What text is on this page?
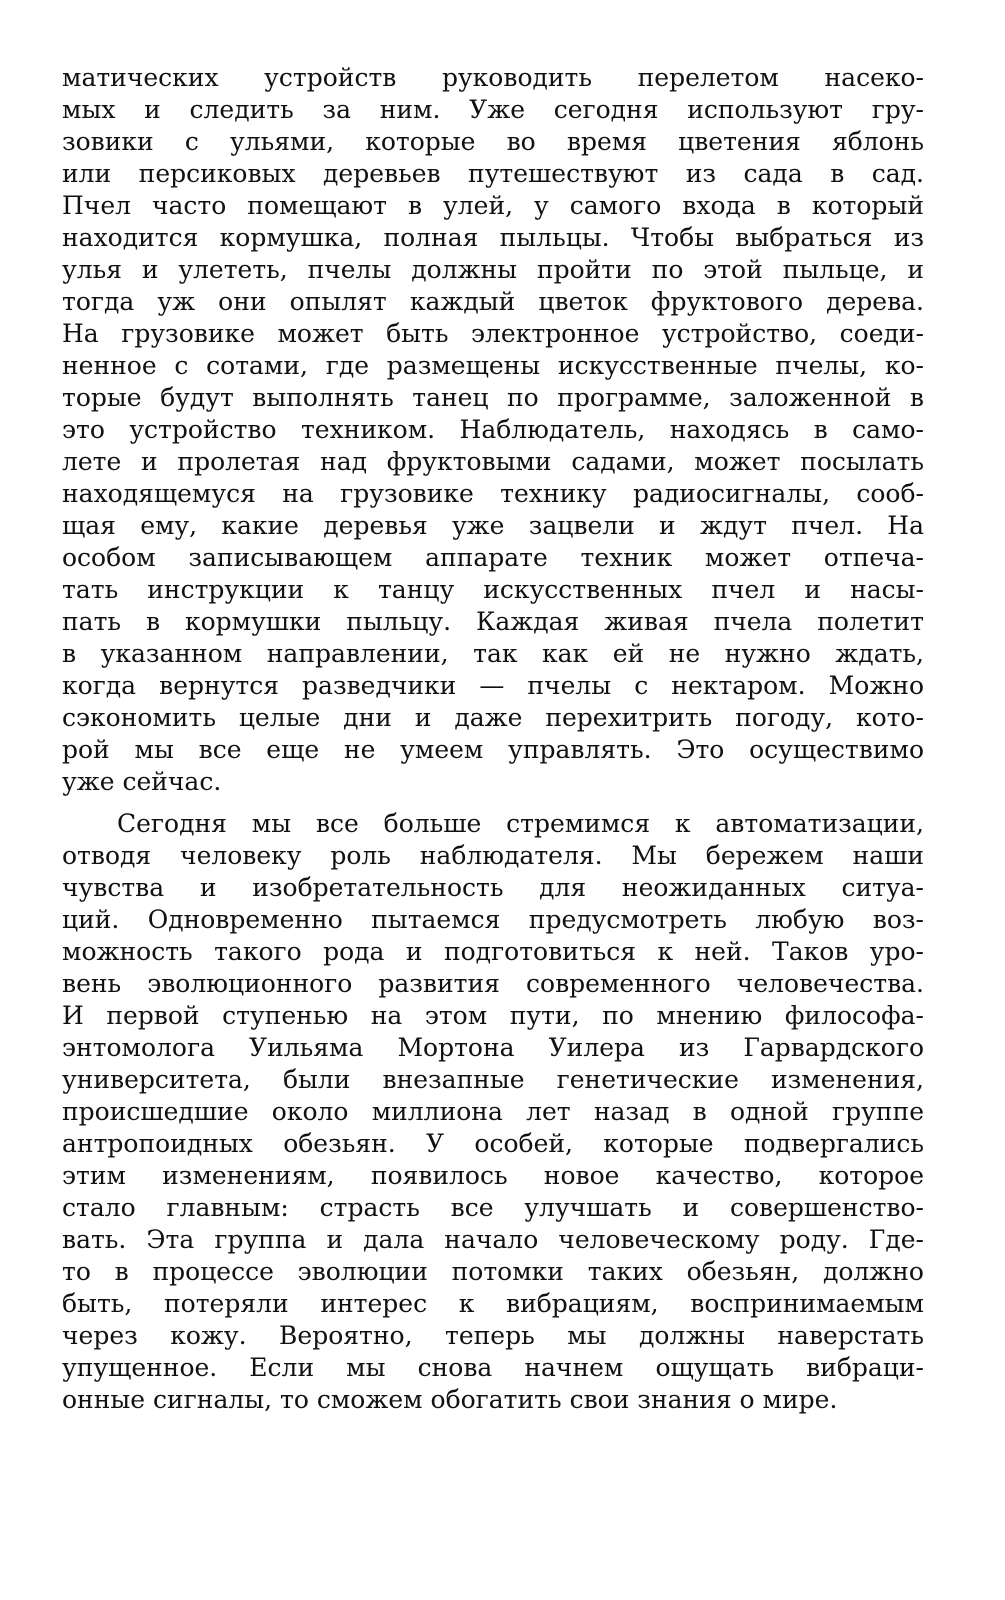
матических устройств руководить перелетом насеко-
мых и следить за ним. Уже сегодня используют гру-
зовики с ульями, которые во время цветения яблонь
или персиковых деревьев путешествуют из сада в сад.
Пчел часто помещают в улей, у самого входа в который
находится кормушка, полная пыльцы. Чтобы выбраться из
улья и улететь, пчелы должны пройти по этой пыльце, и
тогда уж они опылят каждый цветок фруктового дерева.
На грузовике может быть электронное устройство, соеди-
ненное с сотами, где размещены искусственные пчелы, ко-
торые будут выполнять танец по программе, заложенной в
это устройство техником. Наблюдатель, находясь в само-
лете и пролетая над фруктовыми садами, может посылать
находящемуся на грузовике технику радиосигналы, сооб-
щая ему, какие деревья уже зацвели и ждут пчел. На
особом записывающем аппарате техник может отпеча-
тать инструкции к танцу искусственных пчел и насы-
пать в кормушки пыльцу. Каждая живая пчела полетит
в указанном направлении, так как ей не нужно ждать,
когда вернутся разведчики — пчелы с нектаром. Можно
сэкономить целые дни и даже перехитрить погоду, кото-
рой мы все еще не умеем управлять. Это осуществимо
уже сейчас.
Сегодня мы все больше стремимся к автоматизации,
отводя человеку роль наблюдателя. Мы бережем наши
чувства и изобретательность для неожиданных ситуа-
ций. Одновременно пытаемся предусмотреть любую воз-
можность такого рода и подготовиться к ней. Таков уро-
вень эволюционного развития современного человечества.
И первой ступенью на этом пути, по мнению философа-
энтомолога Уильяма Мортона Уилера из Гарвардского
университета, были внезапные генетические изменения,
происшедшие около миллиона лет назад в одной группе
антропоидных обезьян. У особей, которые подвергались
этим изменениям, появилось новое качество, которое
стало главным: страсть все улучшать и совершенство-
вать. Эта группа и дала начало человеческому роду. Где-
то в процессе эволюции потомки таких обезьян, должно
быть, потеряли интерес к вибрациям, воспринимаемым
через кожу. Вероятно, теперь мы должны наверстать
упущенное. Если мы снова начнем ощущать вибраци-
онные сигналы, то сможем обогатить свои знания о мире.
